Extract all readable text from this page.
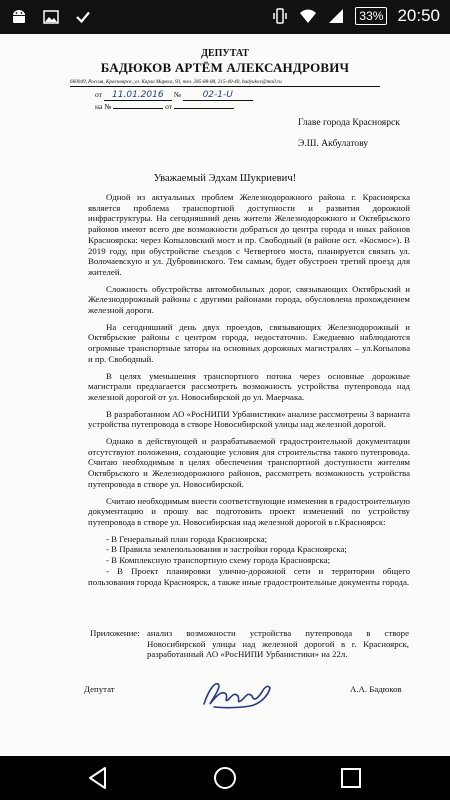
33% 20:50
ДЕПУТАТ
БАДЮКОВ АРТЁМ АЛЕКСАНДРОВИЧ
660049, Россия, Красноярск, ул. Карла Маркса, 93, тел. 285-88-88, 215-40-40, badyukov@mail.ru
от 11.01.2016 № 02-1-U
на №	от
Главе города Красноярск
Э.Ш. Акбулатову
Уважаемый Эдхам Шукриевич!

Одной из актуальных проблем Железнодорожного района г. Красноярска является проблема транспортной доступности и развития дорожной инфраструктуры. На сегодняшний день жители Железнодорожного и Октябрьского районов имеют всего две возможности добраться до центра города и иных районов Красноярска: через Копыловский мост и пр. Свободный (в районе ост. «Космос»). В 2019 году, при обустройстве съездов с Четвертого моста, планируется связать ул. Волочаевскую и ул. Дубровинского. Тем самым, будет обустроен третий проезд для жителей.

Сложность обустройства автомобильных дорог, связывающих Октябрьский и Железнодорожный районы с другими районами города, обусловлена прохождением железной дороги.

На сегодняшний день двух проездов, связывающих Железнодорожный и Октябрьские районы с центром города, недостаточно. Ежедневно наблюдаются огромные транспортные заторы на основных дорожных магистралях – ул.Копылова и пр. Свободный.

В целях уменьшения транспортного потока через основные дорожные магистрали предлагается рассмотреть возможность устройства путепровода над железной дорогой от ул. Новосибирской до ул. Маерчака.

В разработанном АО «РосНИПИ Урбанистики» анализе рассмотрены 3 варианта устройства путепровода в створе Новосибирской улицы над железной дорогой.

Однако в действующей и разрабатываемой градостроительной документации отсутствуют положения, создающие условия для строительства такого путепровода. Считаю необходимым в целях обеспечения транспортной доступности жителям Октябрьского и Железнодорожного районов, рассмотреть возможность устройства путепровода в створе ул. Новосибирской.

Считаю необходимым внести соответствующие изменения в градостроительную документацию и прошу вас подготовить проект изменений по устройству путепровода в створе ул. Новосибирская над железной дорогой в г.Красноярск:

- В Генеральный план города Красноярска;
- В Правила землепользования и застройки города Красноярска;
- В Комплексную транспортную схему города Красноярска;
- В Проект планировки улично-дорожной сети и территории общего пользования города Красноярск, а также иные градостроительные документы города.
Приложение: анализ возможности устройства путепровода в створе Новосибирской улицы над железной дорогой в г. Красноярск, разработанный АО «РосНИПИ Урбанистики» на 22л.
Депутат	А.А. Бадюков
